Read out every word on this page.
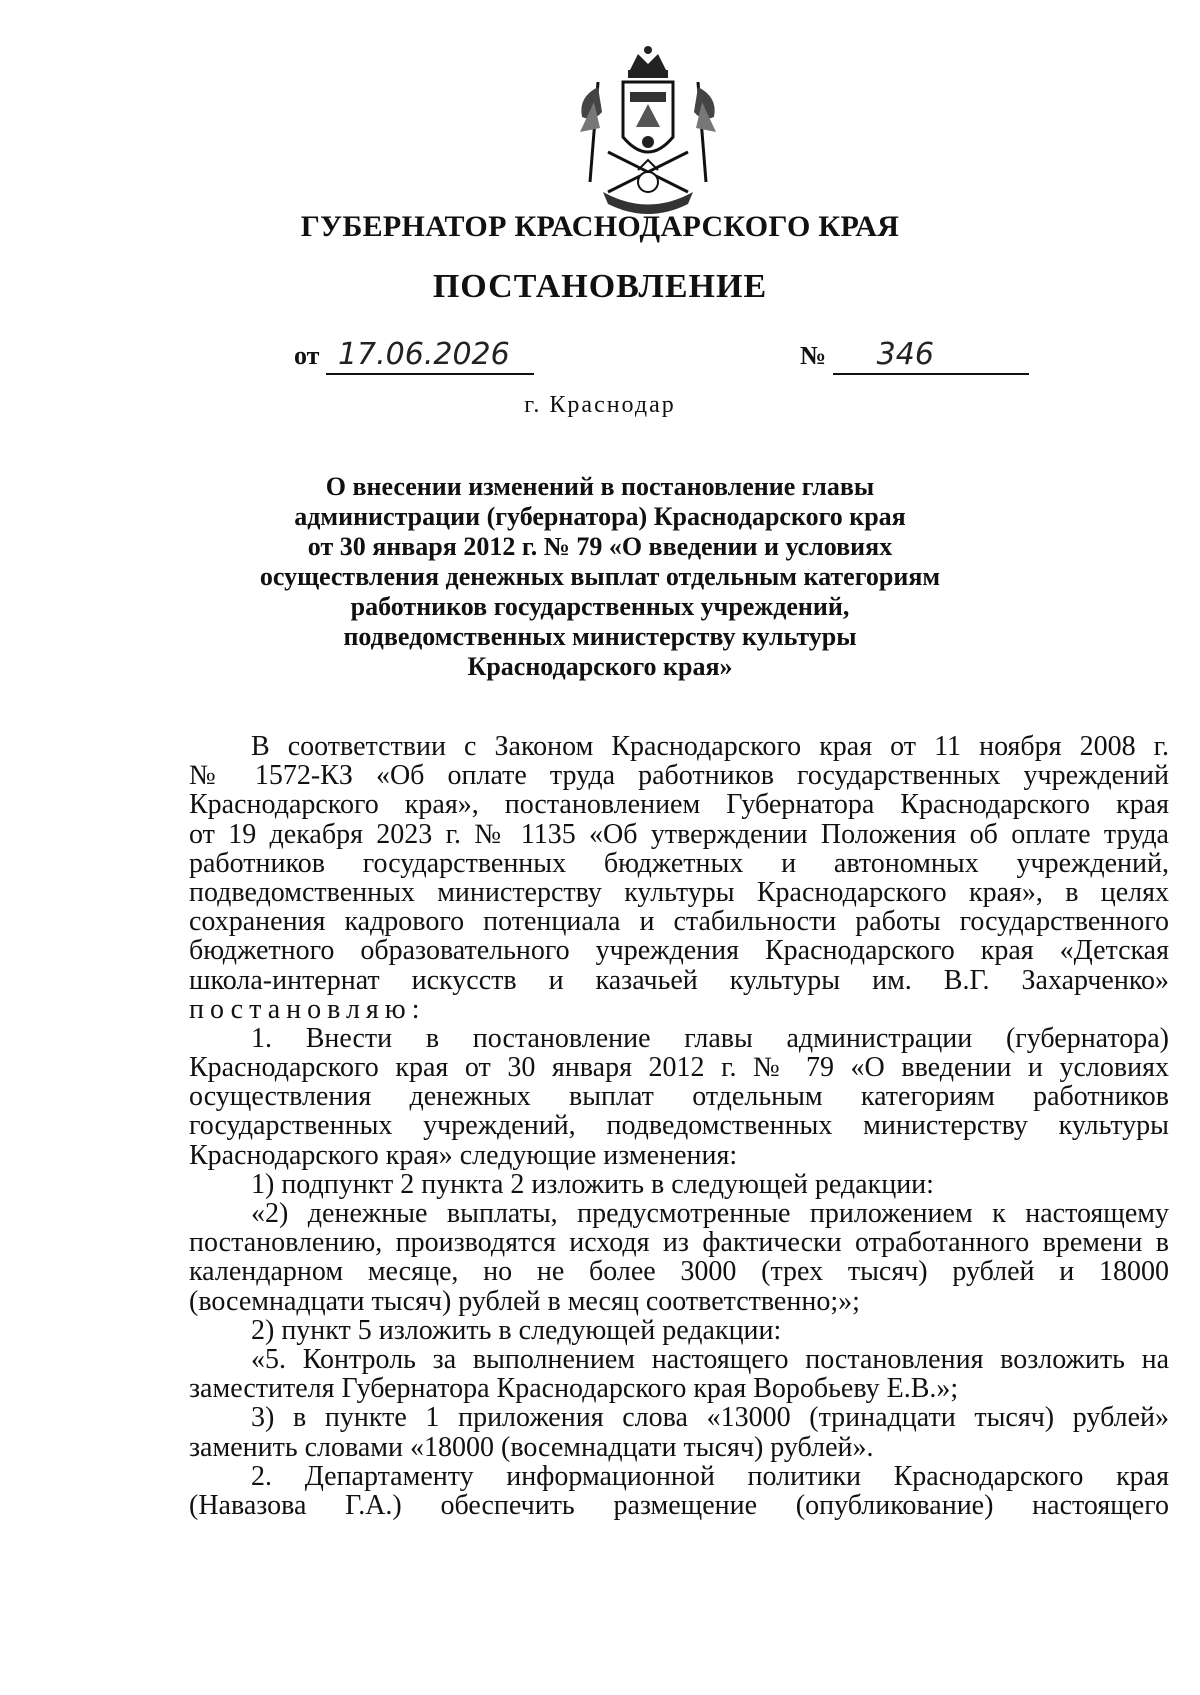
ГУБЕРНАТОР КРАСНОДАРСКОГО КРАЯ
ПОСТАНОВЛЕНИЕ
от 17.06.2026	№ 346
г. Краснодар
О внесении изменений в постановление главы
администрации (губернатора) Краснодарского края
от 30 января 2012 г. № 79 «О введении и условиях
осуществления денежных выплат отдельным категориям
работников государственных учреждений,
подведомственных министерству культуры
Краснодарского края»
В соответствии с Законом Краснодарского края от 11 ноября 2008 г.
№ 1572-КЗ «Об оплате труда работников государственных учреждений
Краснодарского края», постановлением Губернатора Краснодарского края
от 19 декабря 2023 г. № 1135 «Об утверждении Положения об оплате труда
работников государственных бюджетных и автономных учреждений,
подведомственных министерству культуры Краснодарского края», в целях
сохранения кадрового потенциала и стабильности работы государственного
бюджетного образовательного учреждения Краснодарского края «Детская
школа-интернат искусств и казачьей культуры им. В.Г. Захарченко»
постановляю:
1. Внести в постановление главы администрации (губернатора)
Краснодарского края от 30 января 2012 г. № 79 «О введении и условиях
осуществления денежных выплат отдельным категориям работников
государственных учреждений, подведомственных министерству культуры
Краснодарского края» следующие изменения:
1) подпункт 2 пункта 2 изложить в следующей редакции:
«2) денежные выплаты, предусмотренные приложением к настоящему
постановлению, производятся исходя из фактически отработанного времени в
календарном месяце, но не более 3000 (трех тысяч) рублей и 18000
(восемнадцати тысяч) рублей в месяц соответственно;»;
2) пункт 5 изложить в следующей редакции:
«5. Контроль за выполнением настоящего постановления возложить на
заместителя Губернатора Краснодарского края Воробьеву Е.В.»;
3) в пункте 1 приложения слова «13000 (тринадцати тысяч) рублей»
заменить словами «18000 (восемнадцати тысяч) рублей».
2. Департаменту информационной политики Краснодарского края
(Навазова Г.А.) обеспечить размещение (опубликование) настоящего
